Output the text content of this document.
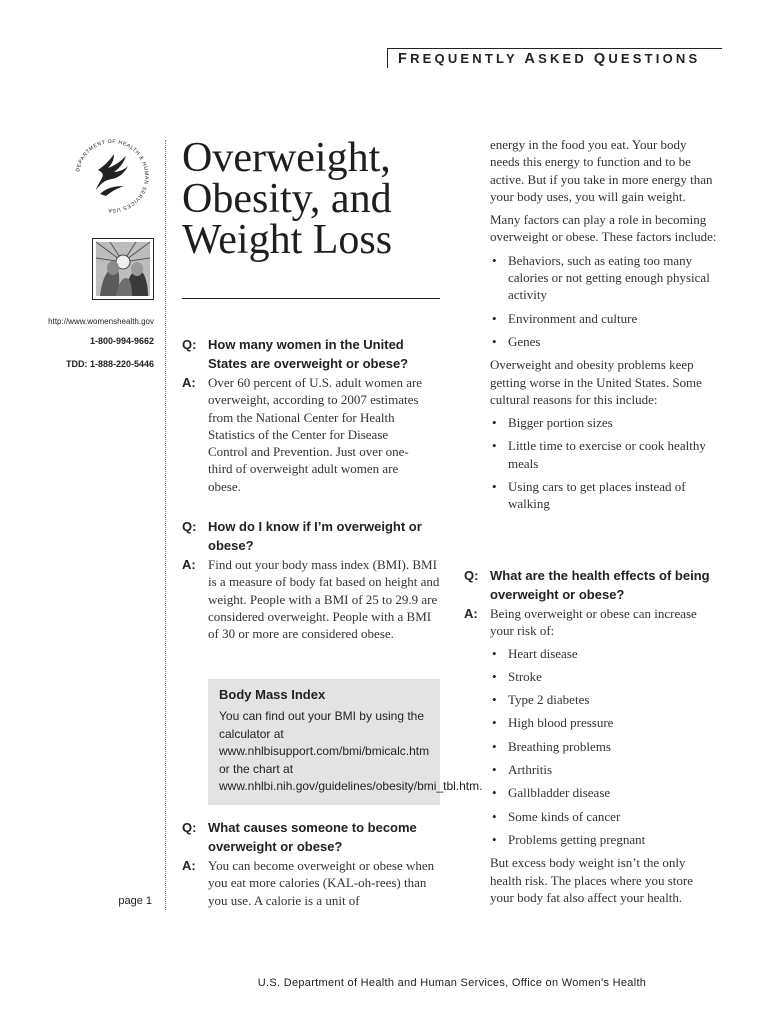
FREQUENTLY ASKED QUESTIONS
DEPARTMENT OF HEALTH & HUMAN SERVICES USA
http://www.womenshealth.gov
1-800-994-9662
TDD: 1-888-220-5446
page 1
Overweight,
Obesity, and
Weight Loss
Q: How many women in the United States are overweight or obese?
A: Over 60 percent of U.S. adult women are overweight, according to 2007 estimates from the National Center for Health Statistics of the Center for Disease Control and Prevention. Just over one-third of overweight adult women are obese.
Q: How do I know if I’m overweight or obese?
A: Find out your body mass index (BMI). BMI is a measure of body fat based on height and weight. People with a BMI of 25 to 29.9 are considered overweight. People with a BMI of 30 or more are considered obese.
Body Mass Index
You can find out your BMI by using the calculator at www.nhlbisupport.com/bmi/bmicalc.htm or the chart at www.nhlbi.nih.gov/guidelines/obesity/bmi_tbl.htm.
Q: What causes someone to become overweight or obese?
A: You can become overweight or obese when you eat more calories (KAL-oh-rees) than you use. A calorie is a unit of
energy in the food you eat. Your body needs this energy to function and to be active. But if you take in more energy than your body uses, you will gain weight.
Many factors can play a role in becoming overweight or obese. These factors include:
• Behaviors, such as eating too many calories or not getting enough physical activity
• Environment and culture
• Genes
Overweight and obesity problems keep getting worse in the United States. Some cultural reasons for this include:
• Bigger portion sizes
• Little time to exercise or cook healthy meals
• Using cars to get places instead of walking
Q: What are the health effects of being overweight or obese?
A: Being overweight or obese can increase your risk of:
• Heart disease
• Stroke
• Type 2 diabetes
• High blood pressure
• Breathing problems
• Arthritis
• Gallbladder disease
• Some kinds of cancer
• Problems getting pregnant
But excess body weight isn’t the only health risk. The places where you store your body fat also affect your health.
U.S. Department of Health and Human Services, Office on Women’s Health
